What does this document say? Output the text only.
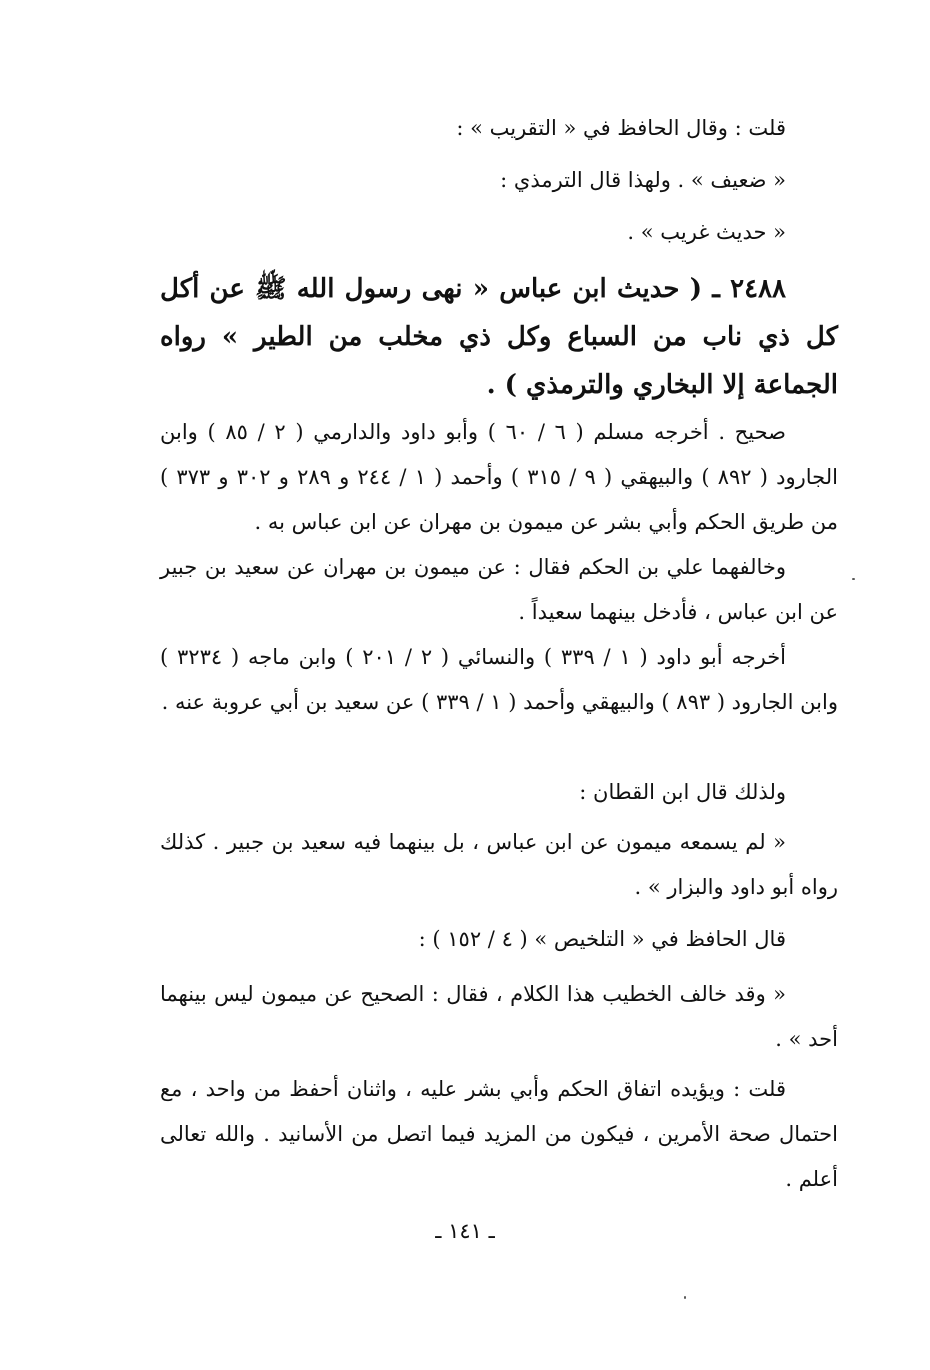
قلت : وقال الحافظ في « التقريب » :

« ضعيف » . ولهذا قال الترمذي :

« حديث غريب » .

٢٤٨٨ ـ ( حديث ابن عباس « نهى رسول الله ﷺ عن أكل كل ذي ناب من السباع وكل ذي مخلب من الطير » رواه الجماعة إلا البخاري والترمذي ) .

صحيح . أخرجه مسلم ( ٦ / ٦٠ ) وأبو داود والدارمي ( ٢ / ٨٥ ) وابن الجارود ( ٨٩٢ ) والبيهقي ( ٩ / ٣١٥ ) وأحمد ( ١ / ٢٤٤ و ٢٨٩ و ٣٠٢ و ٣٧٣ ) من طريق الحكم وأبي بشر عن ميمون بن مهران عن ابن عباس به .

وخالفهما علي بن الحكم فقال : عن ميمون بن مهران عن سعيد بن جبير عن ابن عباس ، فأدخل بينهما سعيداً .

أخرجه أبو داود ( ١ / ٣٣٩ ) والنسائي ( ٢ / ٢٠١ ) وابن ماجه ( ٣٢٣٤ ) وابن الجارود ( ٨٩٣ ) والبيهقي وأحمد ( ١ / ٣٣٩ ) عن سعيد بن أبي عروبة عنه .

ولذلك قال ابن القطان :

« لم يسمعه ميمون عن ابن عباس ، بل بينهما فيه سعيد بن جبير . كذلك رواه أبو داود والبزار » .

قال الحافظ في « التلخيص » ( ٤ / ١٥٢ ) :

« وقد خالف الخطيب هذا الكلام ، فقال : الصحيح عن ميمون ليس بينهما أحد » .

قلت : ويؤيده اتفاق الحكم وأبي بشر عليه ، واثنان أحفظ من واحد ، مع احتمال صحة الأمرين ، فيكون من المزيد فيما اتصل من الأسانيد . والله تعالى أعلم .

ـ ١٤١ ـ
